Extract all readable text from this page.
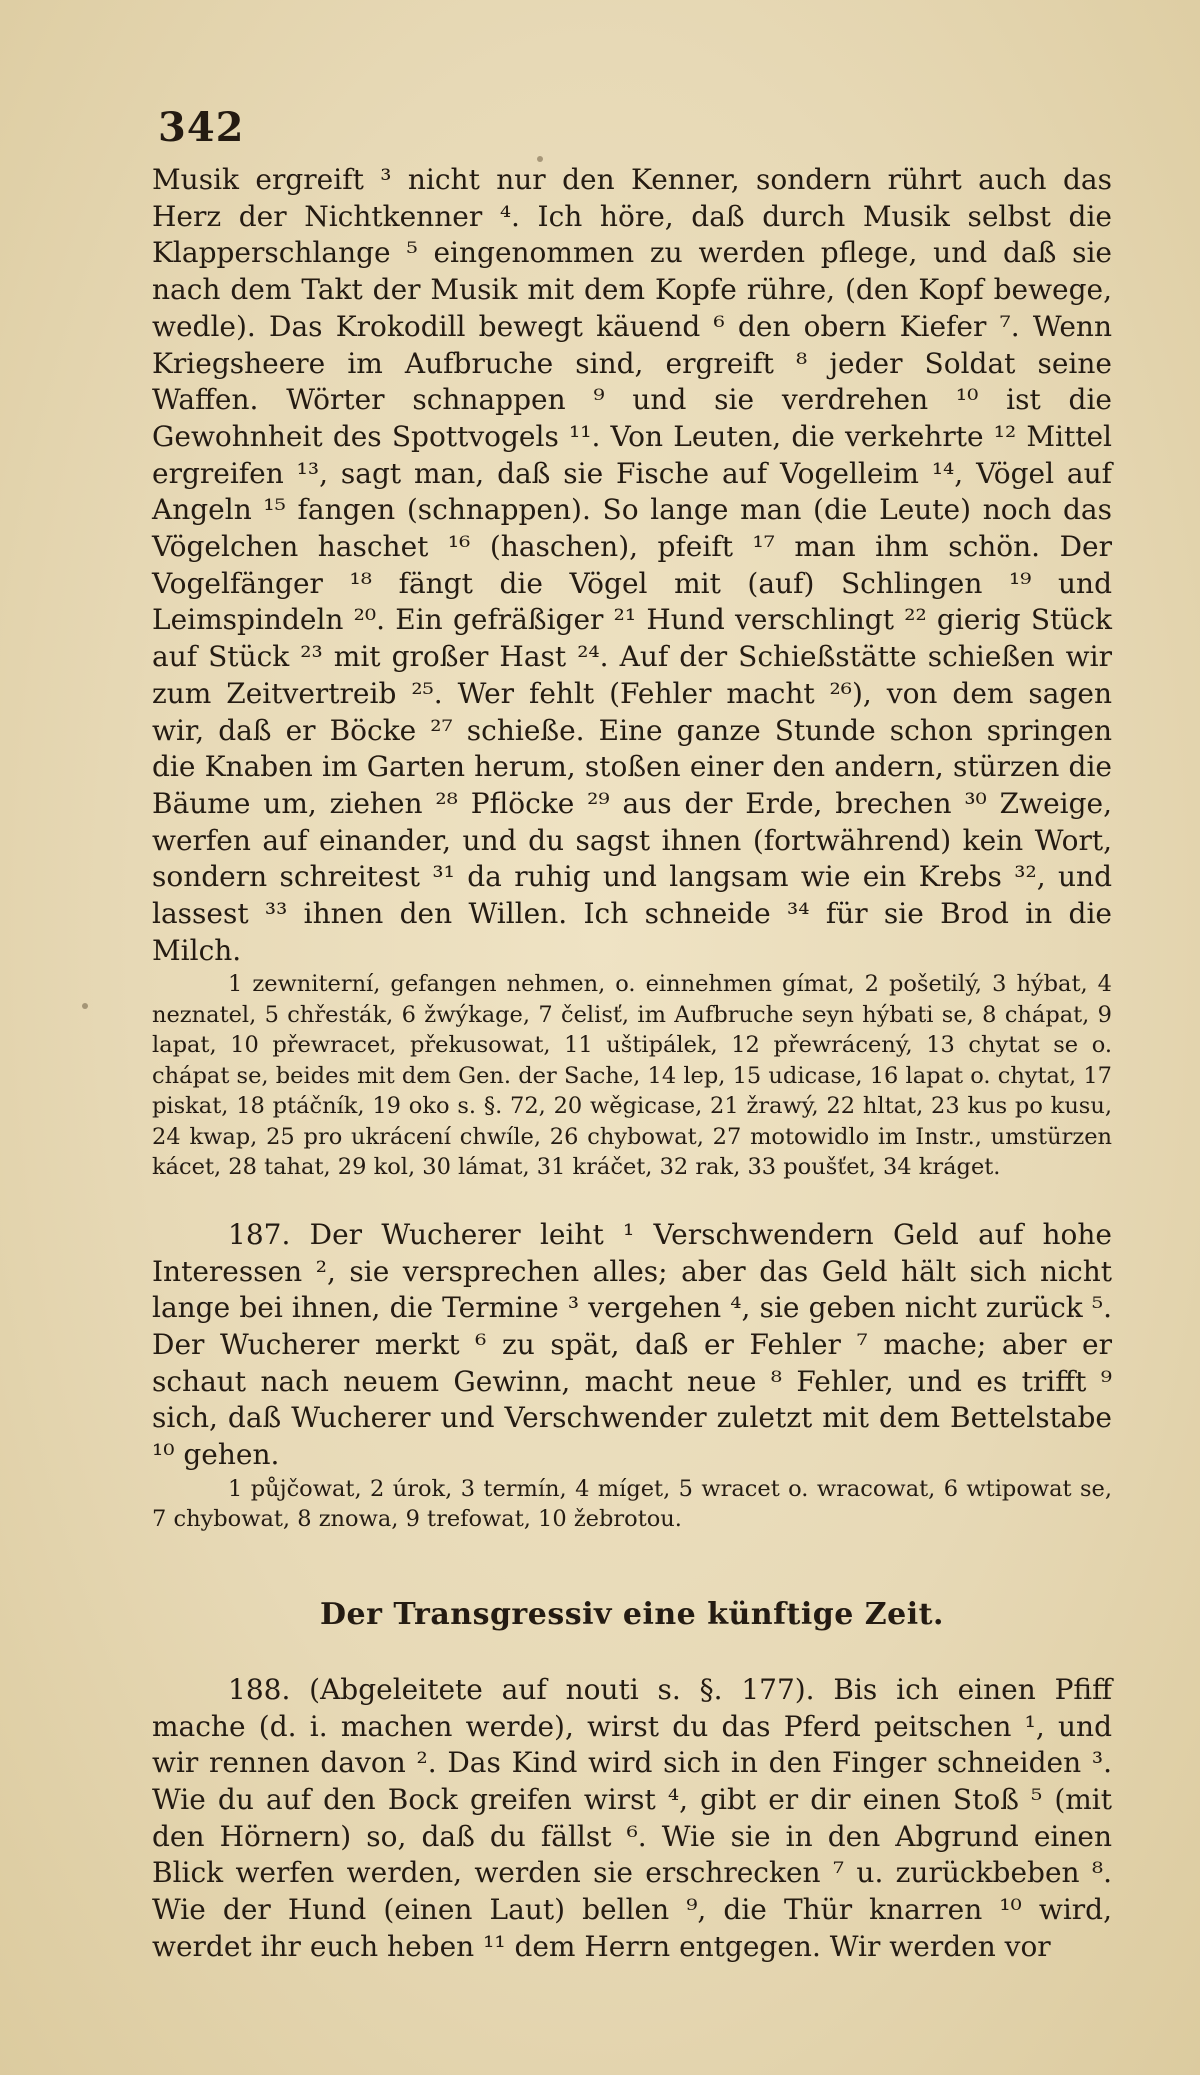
342

Musik ergreift ³ nicht nur den Kenner, sondern rührt auch das Herz der Nichtkenner ⁴. Ich höre, daß durch Musik selbst die Klapperschlange ⁵ eingenommen zu werden pflege, und daß sie nach dem Takt der Musik mit dem Kopfe rühre, (den Kopf bewege, wedle). Das Krokodill bewegt käuend ⁶ den obern Kiefer ⁷. Wenn Kriegsheere im Aufbruche sind, ergreift ⁸ jeder Soldat seine Waffen. Wörter schnappen ⁹ und sie verdrehen ¹⁰ ist die Gewohnheit des Spottvogels ¹¹. Von Leuten, die verkehrte ¹² Mittel ergreifen ¹³, sagt man, daß sie Fische auf Vogelleim ¹⁴, Vögel auf Angeln ¹⁵ fangen (schnappen). So lange man (die Leute) noch das Vögelchen haschet ¹⁶ (haschen), pfeift ¹⁷ man ihm schön. Der Vogelfänger ¹⁸ fängt die Vögel mit (auf) Schlingen ¹⁹ und Leimspindeln ²⁰. Ein gefräßiger ²¹ Hund verschlingt ²² gierig Stück auf Stück ²³ mit großer Hast ²⁴. Auf der Schießstätte schießen wir zum Zeitvertreib ²⁵. Wer fehlt (Fehler macht ²⁶), von dem sagen wir, daß er Böcke ²⁷ schieße. Eine ganze Stunde schon springen die Knaben im Garten herum, stoßen einer den andern, stürzen die Bäume um, ziehen ²⁸ Pflöcke ²⁹ aus der Erde, brechen ³⁰ Zweige, werfen auf einander, und du sagst ihnen (fortwährend) kein Wort, sondern schreitest ³¹ da ruhig und langsam wie ein Krebs ³², und lassest ³³ ihnen den Willen. Ich schneide ³⁴ für sie Brod in die Milch.

1 zewniterní, gefangen nehmen, o. einnehmen gímat, 2 pošetilý, 3 hýbat, 4 neznatel, 5 chřesták, 6 žwýkage, 7 čelisť, im Aufbruche seyn hýbati se, 8 chápat, 9 lapat, 10 přewracet, překusowat, 11 uštipálek, 12 přewrácený, 13 chytat se o. chápat se, beides mit dem Gen. der Sache, 14 lep, 15 udicase, 16 lapat o. chytat, 17 piskat, 18 ptáčník, 19 oko s. §. 72, 20 wěgicase, 21 žrawý, 22 hltat, 23 kus po kusu, 24 kwap, 25 pro ukrácení chwíle, 26 chybowat, 27 motowidlo im Instr., umstürzen kácet, 28 tahat, 29 kol, 30 lámat, 31 kráčet, 32 rak, 33 poušťet, 34 kráget.

187. Der Wucherer leiht ¹ Verschwendern Geld auf hohe Interessen ², sie versprechen alles; aber das Geld hält sich nicht lange bei ihnen, die Termine ³ vergehen ⁴, sie geben nicht zurück ⁵. Der Wucherer merkt ⁶ zu spät, daß er Fehler ⁷ mache; aber er schaut nach neuem Gewinn, macht neue ⁸ Fehler, und es trifft ⁹ sich, daß Wucherer und Verschwender zuletzt mit dem Bettelstabe ¹⁰ gehen.

1 půjčowat, 2 úrok, 3 termín, 4 míget, 5 wracet o. wracowat, 6 wtipowat se, 7 chybowat, 8 znowa, 9 trefowat, 10 žebrotou.

Der Transgressiv eine künftige Zeit.

188. (Abgeleitete auf nouti s. §. 177). Bis ich einen Pfiff mache (d. i. machen werde), wirst du das Pferd peitschen ¹, und wir rennen davon ². Das Kind wird sich in den Finger schneiden ³. Wie du auf den Bock greifen wirst ⁴, gibt er dir einen Stoß ⁵ (mit den Hörnern) so, daß du fällst ⁶. Wie sie in den Abgrund einen Blick werfen werden, werden sie erschrecken ⁷ u. zurückbeben ⁸. Wie der Hund (einen Laut) bellen ⁹, die Thür knarren ¹⁰ wird, werdet ihr euch heben ¹¹ dem Herrn entgegen. Wir werden vor
